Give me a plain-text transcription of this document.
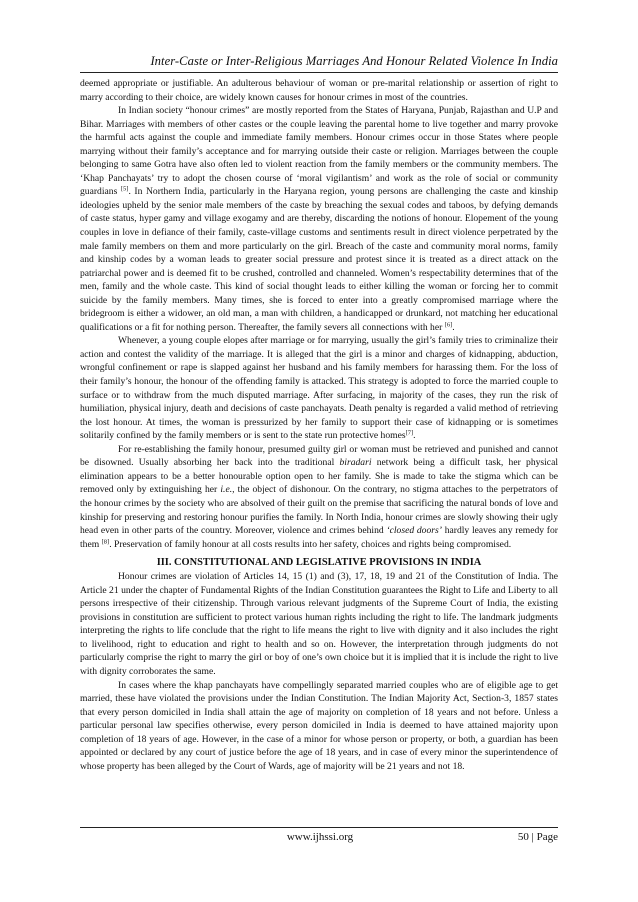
Inter-Caste or Inter-Religious Marriages And Honour Related Violence In India

deemed appropriate or justifiable. An adulterous behaviour of woman or pre-marital relationship or assertion of right to marry according to their choice, are widely known causes for honour crimes in most of the countries.

In Indian society “honour crimes” are mostly reported from the States of Haryana, Punjab, Rajasthan and U.P and Bihar. Marriages with members of other castes or the couple leaving the parental home to live together and marry provoke the harmful acts against the couple and immediate family members. Honour crimes occur in those States where people marrying without their family’s acceptance and for marrying outside their caste or religion. Marriages between the couple belonging to same Gotra have also often led to violent reaction from the family members or the community members. The ‘Khap Panchayats’ try to adopt the chosen course of ‘moral vigilantism’ and work as the role of social or community guardians [5]. In Northern India, particularly in the Haryana region, young persons are challenging the caste and kinship ideologies upheld by the senior male members of the caste by breaching the sexual codes and taboos, by defying demands of caste status, hyper gamy and village exogamy and are thereby, discarding the notions of honour. Elopement of the young couples in love in defiance of their family, caste-village customs and sentiments result in direct violence perpetrated by the male family members on them and more particularly on the girl. Breach of the caste and community moral norms, family and kinship codes by a woman leads to greater social pressure and protest since it is treated as a direct attack on the patriarchal power and is deemed fit to be crushed, controlled and channeled. Women’s respectability determines that of the men, family and the whole caste. This kind of social thought leads to either killing the woman or forcing her to commit suicide by the family members. Many times, she is forced to enter into a greatly compromised marriage where the bridegroom is either a widower, an old man, a man with children, a handicapped or drunkard, not matching her educational qualifications or a fit for nothing person. Thereafter, the family severs all connections with her [6].

Whenever, a young couple elopes after marriage or for marrying, usually the girl’s family tries to criminalize their action and contest the validity of the marriage. It is alleged that the girl is a minor and charges of kidnapping, abduction, wrongful confinement or rape is slapped against her husband and his family members for harassing them. For the loss of their family’s honour, the honour of the offending family is attacked. This strategy is adopted to force the married couple to surface or to withdraw from the much disputed marriage. After surfacing, in majority of the cases, they run the risk of humiliation, physical injury, death and decisions of caste panchayats. Death penalty is regarded a valid method of retrieving the lost honour. At times, the woman is pressurized by her family to support their case of kidnapping or is sometimes solitarily confined by the family members or is sent to the state run protective homes[7].

For re-establishing the family honour, presumed guilty girl or woman must be retrieved and punished and cannot be disowned. Usually absorbing her back into the traditional biradari network being a difficult task, her physical elimination appears to be a better honourable option open to her family. She is made to take the stigma which can be removed only by extinguishing her i.e., the object of dishonour. On the contrary, no stigma attaches to the perpetrators of the honour crimes by the society who are absolved of their guilt on the premise that sacrificing the natural bonds of love and kinship for preserving and restoring honour purifies the family. In North India, honour crimes are slowly showing their ugly head even in other parts of the country. Moreover, violence and crimes behind ‘closed doors’ hardly leaves any remedy for them [8]. Preservation of family honour at all costs results into her safety, choices and rights being compromised.

III. CONSTITUTIONAL AND LEGISLATIVE PROVISIONS IN INDIA

Honour crimes are violation of Articles 14, 15 (1) and (3), 17, 18, 19 and 21 of the Constitution of India. The Article 21 under the chapter of Fundamental Rights of the Indian Constitution guarantees the Right to Life and Liberty to all persons irrespective of their citizenship. Through various relevant judgments of the Supreme Court of India, the existing provisions in constitution are sufficient to protect various human rights including the right to life. The landmark judgments interpreting the rights to life conclude that the right to life means the right to live with dignity and it also includes the right to livelihood, right to education and right to health and so on. However, the interpretation through judgments do not particularly comprise the right to marry the girl or boy of one’s own choice but it is implied that it is include the right to live with dignity corroborates the same.

In cases where the khap panchayats have compellingly separated married couples who are of eligible age to get married, these have violated the provisions under the Indian Constitution. The Indian Majority Act, Section-3, 1857 states that every person domiciled in India shall attain the age of majority on completion of 18 years and not before. Unless a particular personal law specifies otherwise, every person domiciled in India is deemed to have attained majority upon completion of 18 years of age. However, in the case of a minor for whose person or property, or both, a guardian has been appointed or declared by any court of justice before the age of 18 years, and in case of every minor the superintendence of whose property has been alleged by the Court of Wards, age of majority will be 21 years and not 18.

www.ijhssi.org	50 | Page
